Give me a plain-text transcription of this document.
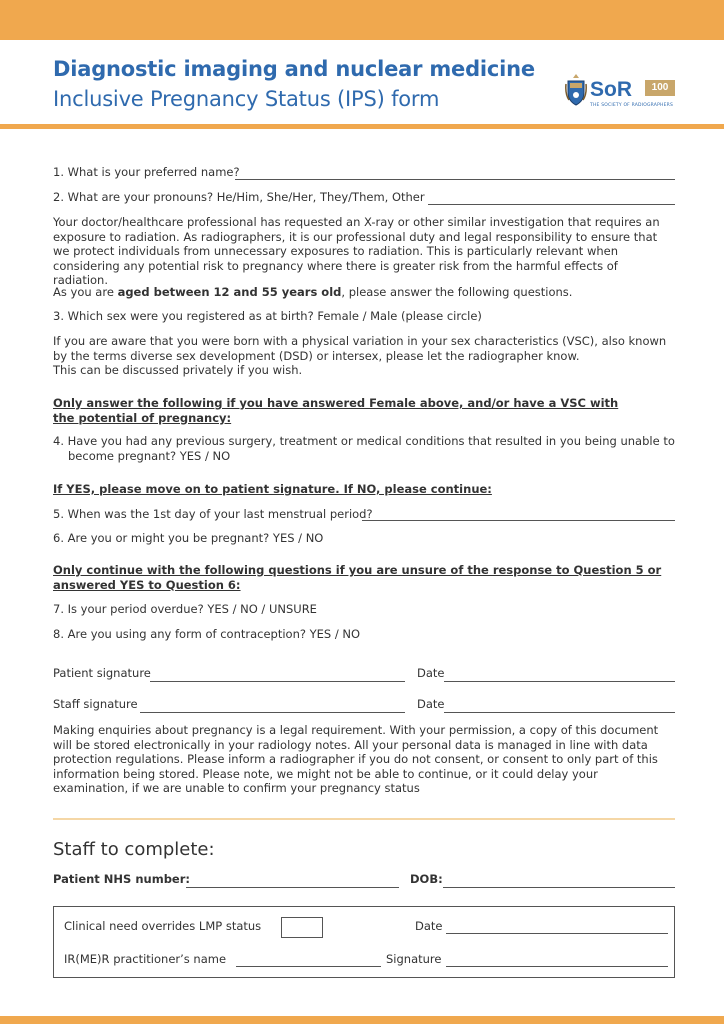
Diagnostic imaging and nuclear medicine
Inclusive Pregnancy Status (IPS) form	SoR	100
THE SOCIETY OF RADIOGRAPHERS
1. What is your preferred name?
2. What are your pronouns? He/Him, She/Her, They/Them, Other
Your doctor/healthcare professional has requested an X-ray or other similar investigation that requires an exposure to radiation. As radiographers, it is our professional duty and legal responsibility to ensure that we protect individuals from unnecessary exposures to radiation. This is particularly relevant when considering any potential risk to pregnancy where there is greater risk from the harmful effects of radiation.
As you are aged between 12 and 55 years old, please answer the following questions.
3. Which sex were you registered as at birth? Female / Male (please circle)
If you are aware that you were born with a physical variation in your sex characteristics (VSC), also known by the terms diverse sex development (DSD) or intersex, please let the radiographer know.
This can be discussed privately if you wish.
Only answer the following if you have answered Female above, and/or have a VSC with the potential of pregnancy:
4. Have you had any previous surgery, treatment or medical conditions that resulted in you being unable to become pregnant? YES / NO
If YES, please move on to patient signature. If NO, please continue:
5. When was the 1st day of your last menstrual period?
6. Are you or might you be pregnant? YES / NO
Only continue with the following questions if you are unsure of the response to Question 5 or answered YES to Question 6:
7. Is your period overdue? YES / NO / UNSURE
8. Are you using any form of contraception? YES / NO
Patient signature	Date
Staff signature	Date
Making enquiries about pregnancy is a legal requirement. With your permission, a copy of this document will be stored electronically in your radiology notes. All your personal data is managed in line with data protection regulations. Please inform a radiographer if you do not consent, or consent to only part of this information being stored. Please note, we might not be able to continue, or it could delay your examination, if we are unable to confirm your pregnancy status
Staff to complete:
Patient NHS number:	DOB:
Clinical need overrides LMP status	Date
IR(ME)R practitioner’s name	Signature
